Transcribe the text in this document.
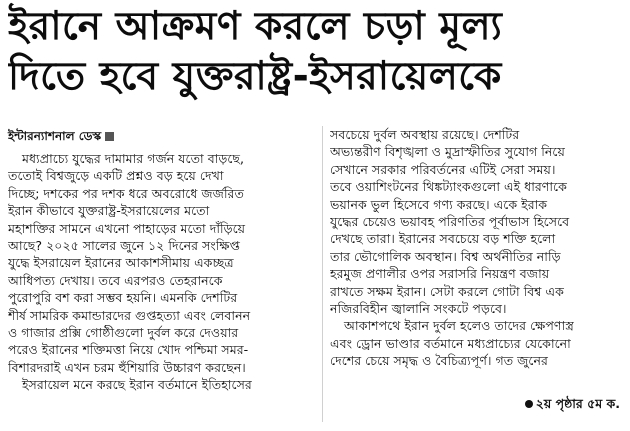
ইরানে আক্রমণ করলে চড়া মূল্য
দিতে হবে যুক্তরাষ্ট্র-ইসরায়েলকে
ইন্টারন্যাশনাল ডেস্ক
মধ্যপ্রাচ্যে যুদ্ধের দামামার গর্জন যতো বাড়ছে,
ততোই বিশ্বজুড়ে একটি প্রশ্নও বড় হয়ে দেখা
দিচ্ছে; দশকের পর দশক ধরে অবরোধে জর্জরিত
ইরান কীভাবে যুক্তরাষ্ট্র-ইসরায়েলের মতো
মহাশক্তির সামনে এখনো পাহাড়ের মতো দাঁড়িয়ে
আছে? ২০২৫ সালের জুনে ১২ দিনের সংক্ষিপ্ত
যুদ্ধে ইসরায়েল ইরানের আকাশসীমায় একচ্ছত্র
আধিপত্য দেখায়। তবে এরপরও তেহরানকে
পুরোপুরি বশ করা সম্ভব হয়নি। এমনকি দেশটির
শীর্ষ সামরিক কমান্ডারদের গুপ্তহত্যা এবং লেবানন
ও গাজার প্রক্সি গোষ্ঠীগুলো দুর্বল করে দেওয়ার
পরেও ইরানের শক্তিমত্তা নিয়ে খোদ পশ্চিমা সমর-
বিশারদরাই এখন চরম হুঁশিয়ারি উচ্চারণ করছেন।
ইসরায়েল মনে করছে ইরান বর্তমানে ইতিহাসের
সবচেয়ে দুর্বল অবস্থায় রয়েছে। দেশটির
অভ্যন্তরীণ বিশৃঙ্খলা ও মুদ্রাস্ফীতির সুযোগ নিয়ে
সেখানে সরকার পরিবর্তনের এটিই সেরা সময়।
তবে ওয়াশিংটনের থিঙ্কট্যাংকগুলো এই ধারণাকে
ভয়ানক ভুল হিসেবে গণ্য করছে। একে ইরাক
যুদ্ধের চেয়েও ভয়াবহ পরিণতির পূর্বাভাস হিসেবে
দেখছে তারা। ইরানের সবচেয়ে বড় শক্তি হলো
তার ভৌগোলিক অবস্থান। বিশ্ব অর্থনীতির নাড়ি
হরমুজ প্রণালীর ওপর সরাসরি নিয়ন্ত্রণ বজায়
রাখতে সক্ষম ইরান। সেটা করলে গোটা বিশ্ব এক
নজিরবিহীন জ্বালানি সংকটে পড়বে।
আকাশপথে ইরান দুর্বল হলেও তাদের ক্ষেপণাস্ত্র
এবং ড্রোন ভাণ্ডার বর্তমানে মধ্যপ্রাচ্যের যেকোনো
দেশের চেয়ে সমৃদ্ধ ও বৈচিত্র্যপূর্ণ। গত জুনের
২য় পৃষ্ঠার ৫ম ক.
